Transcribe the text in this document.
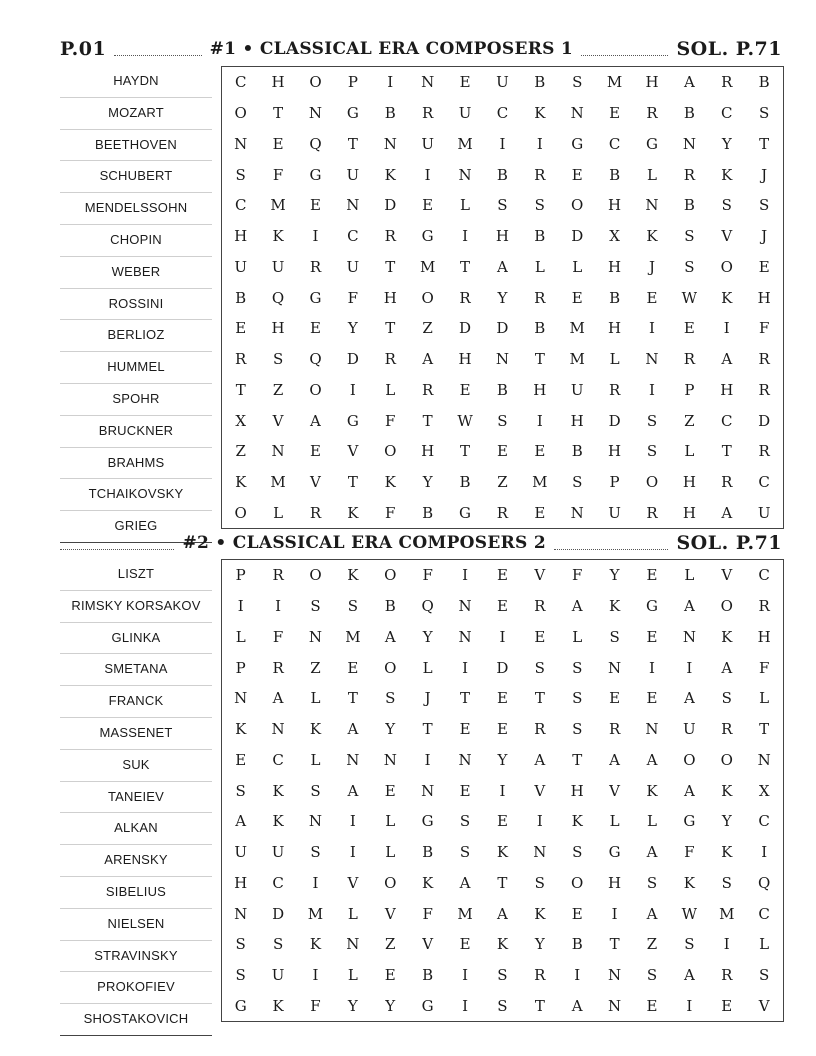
P.01	#1 • CLASSICAL ERA COMPOSERS 1	SOL. P.71
HAYDN
MOZART
BEETHOVEN
SCHUBERT
MENDELSSOHN
CHOPIN
WEBER
ROSSINI
BERLIOZ
HUMMEL
SPOHR
BRUCKNER
BRAHMS
TCHAIKOVSKY
GRIEG
C	H	O	P	I	N	E	U	B	S	M	H	A	R	B
O	T	N	G	B	R	U	C	K	N	E	R	B	C	S
N	E	Q	T	N	U	M	I	I	G	C	G	N	Y	T
S	F	G	U	K	I	N	B	R	E	B	L	R	K	J
C	M	E	N	D	E	L	S	S	O	H	N	B	S	S
H	K	I	C	R	G	I	H	B	D	X	K	S	V	J
U	U	R	U	T	M	T	A	L	L	H	J	S	O	E
B	Q	G	F	H	O	R	Y	R	E	B	E	W	K	H
E	H	E	Y	T	Z	D	D	B	M	H	I	E	I	F
R	S	Q	D	R	A	H	N	T	M	L	N	R	A	R
T	Z	O	I	L	R	E	B	H	U	R	I	P	H	R
X	V	A	G	F	T	W	S	I	H	D	S	Z	C	D
Z	N	E	V	O	H	T	E	E	B	H	S	L	T	R
K	M	V	T	K	Y	B	Z	M	S	P	O	H	R	C
O	L	R	K	F	B	G	R	E	N	U	R	H	A	U
#2 • CLASSICAL ERA COMPOSERS 2	SOL. P.71
LISZT
RIMSKY KORSAKOV
GLINKA
SMETANA
FRANCK
MASSENET
SUK
TANEIEV
ALKAN
ARENSKY
SIBELIUS
NIELSEN
STRAVINSKY
PROKOFIEV
SHOSTAKOVICH
P	R	O	K	O	F	I	E	V	F	Y	E	L	V	C
I	I	S	S	B	Q	N	E	R	A	K	G	A	O	R
L	F	N	M	A	Y	N	I	E	L	S	E	N	K	H
P	R	Z	E	O	L	I	D	S	S	N	I	I	A	F
N	A	L	T	S	J	T	E	T	S	E	E	A	S	L
K	N	K	A	Y	T	E	E	R	S	R	N	U	R	T
E	C	L	N	N	I	N	Y	A	T	A	A	O	O	N
S	K	S	A	E	N	E	I	V	H	V	K	A	K	X
A	K	N	I	L	G	S	E	I	K	L	L	G	Y	C
U	U	S	I	L	B	S	K	N	S	G	A	F	K	I
H	C	I	V	O	K	A	T	S	O	H	S	K	S	Q
N	D	M	L	V	F	M	A	K	E	I	A	W	M	C
S	S	K	N	Z	V	E	K	Y	B	T	Z	S	I	L
S	U	I	L	E	B	I	S	R	I	N	S	A	R	S
G	K	F	Y	Y	G	I	S	T	A	N	E	I	E	V
